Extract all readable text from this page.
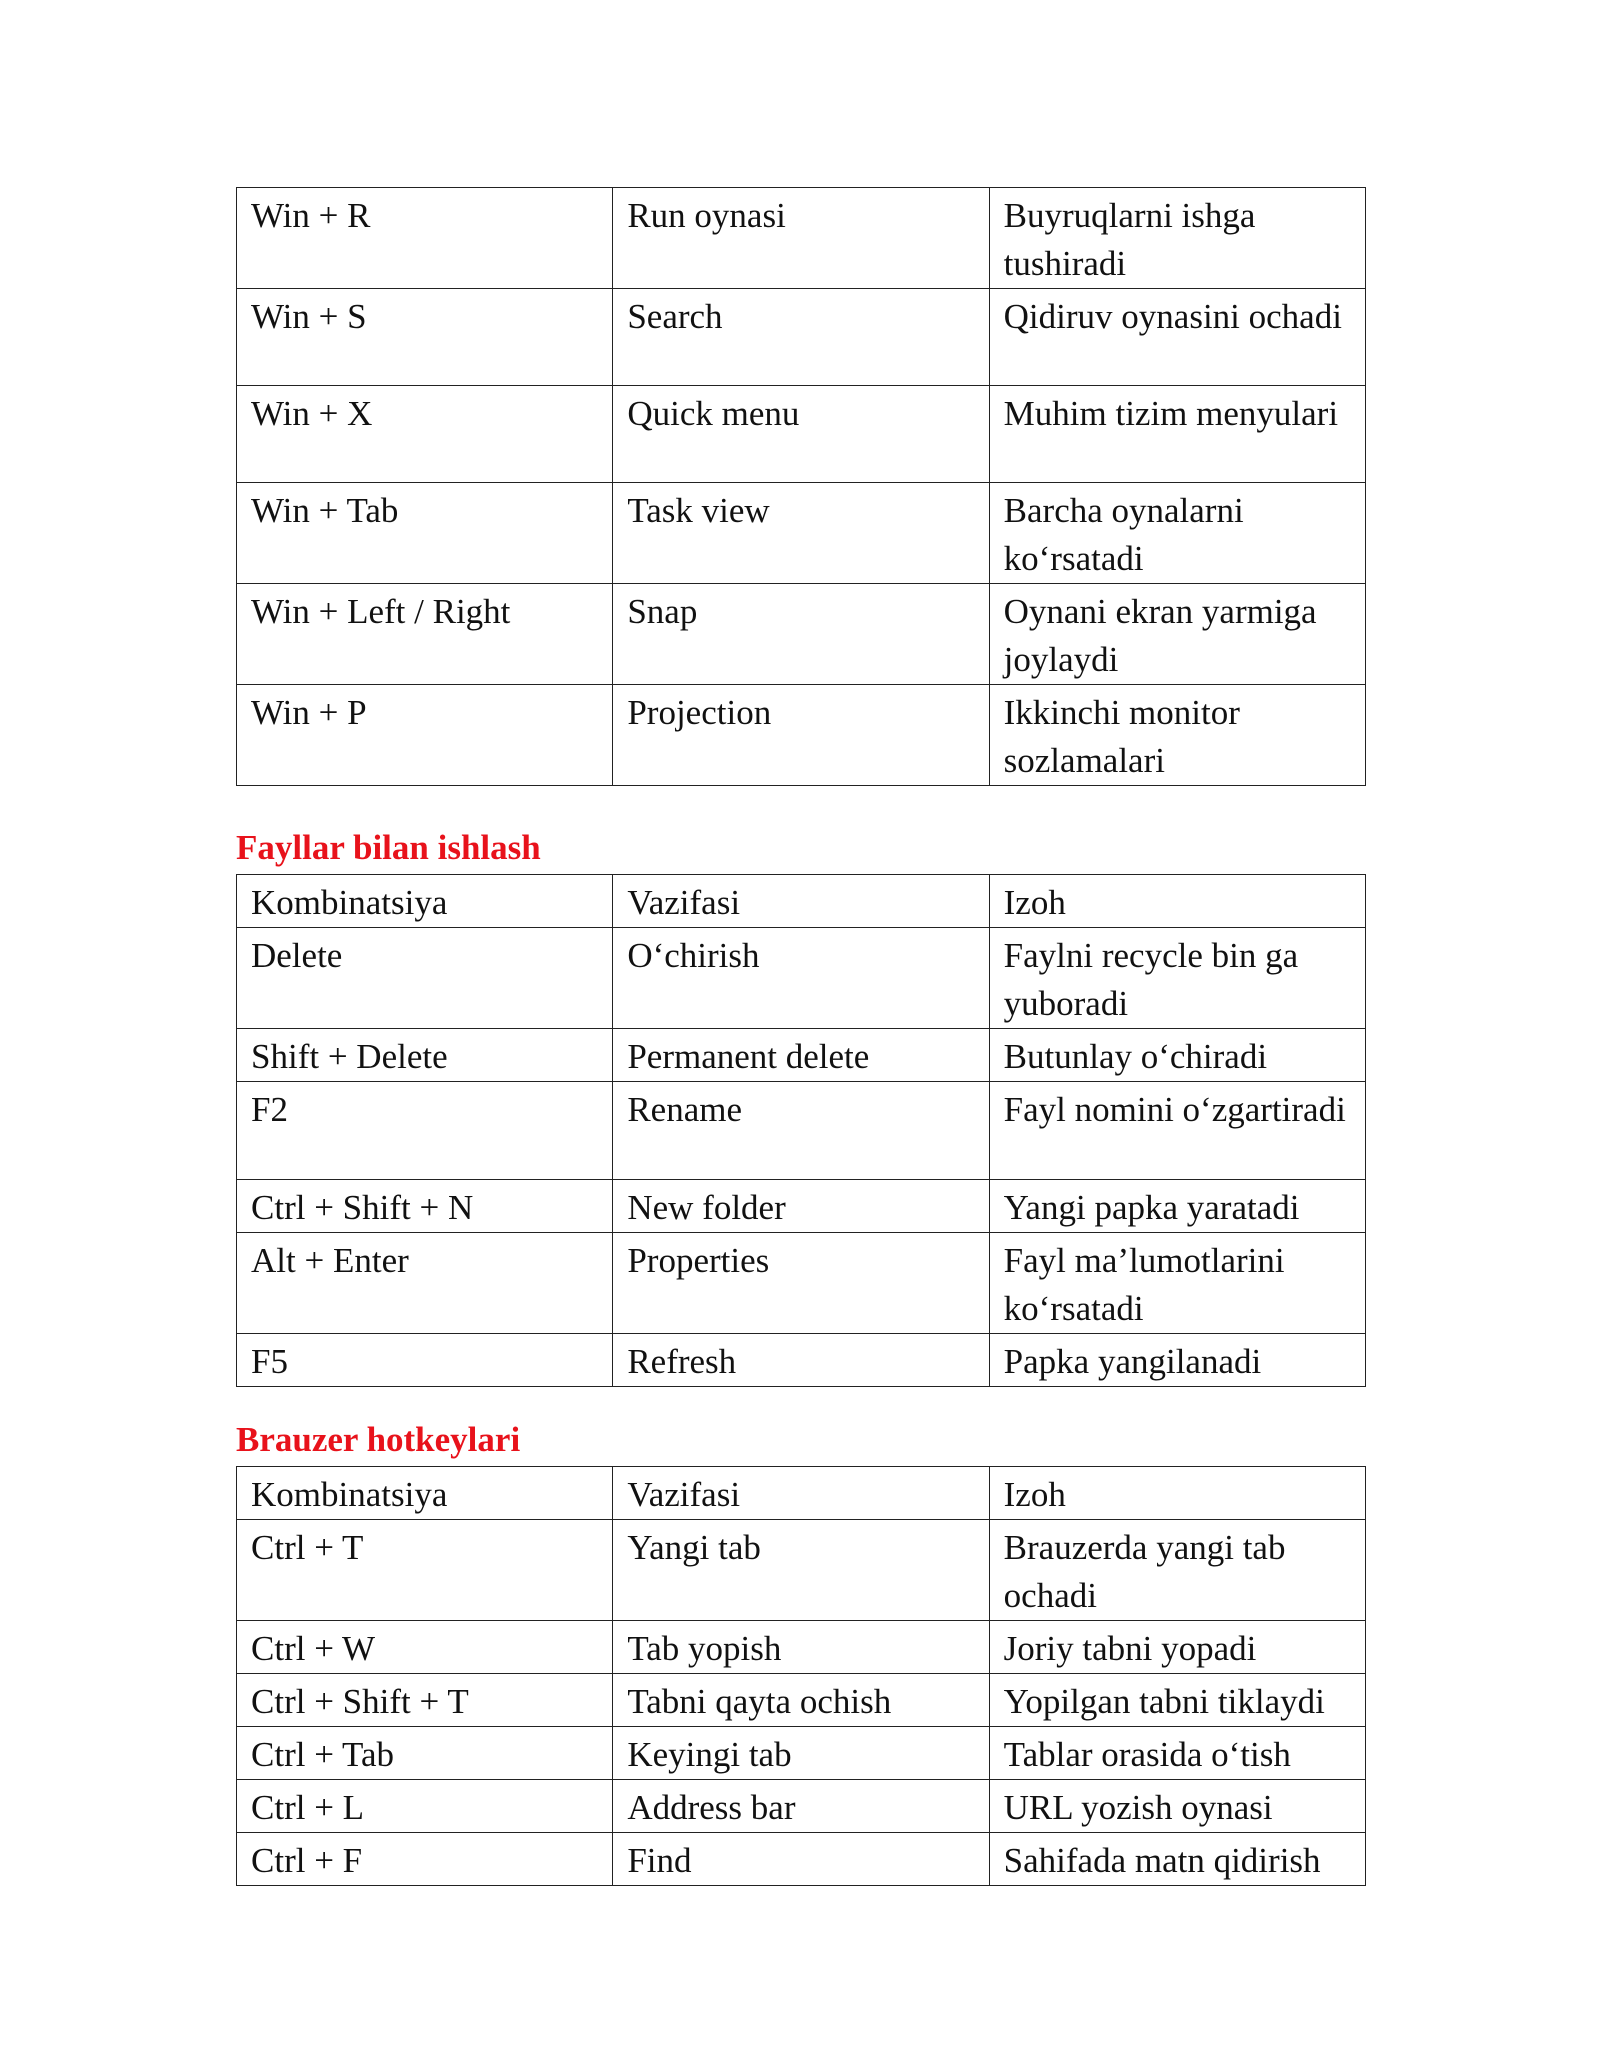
Win + R	Run oynasi	Buyruqlarni ishga tushiradi
Win + S	Search	Qidiruv oynasini ochadi
Win + X	Quick menu	Muhim tizim menyulari
Win + Tab	Task view	Barcha oynalarni ko‘rsatadi
Win + Left / Right	Snap	Oynani ekran yarmiga joylaydi
Win + P	Projection	Ikkinchi monitor sozlamalari
Fayllar bilan ishlash
Kombinatsiya	Vazifasi	Izoh
Delete	O‘chirish	Faylni recycle bin ga yuboradi
Shift + Delete	Permanent delete	Butunlay o‘chiradi
F2	Rename	Fayl nomini o‘zgartiradi
Ctrl + Shift + N	New folder	Yangi papka yaratadi
Alt + Enter	Properties	Fayl ma’lumotlarini ko‘rsatadi
F5	Refresh	Papka yangilanadi
Brauzer hotkeylari
Kombinatsiya	Vazifasi	Izoh
Ctrl + T	Yangi tab	Brauzerda yangi tab ochadi
Ctrl + W	Tab yopish	Joriy tabni yopadi
Ctrl + Shift + T	Tabni qayta ochish	Yopilgan tabni tiklaydi
Ctrl + Tab	Keyingi tab	Tablar orasida o‘tish
Ctrl + L	Address bar	URL yozish oynasi
Ctrl + F	Find	Sahifada matn qidirish
